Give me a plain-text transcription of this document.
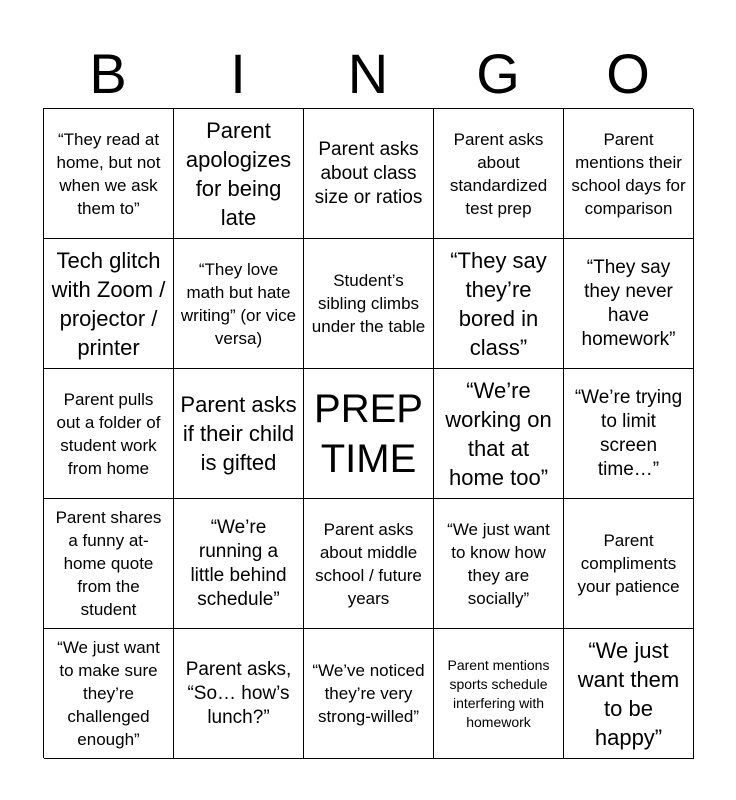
B	I	N	G	O
“They read at home, but not when we ask them to”
Parent apologizes for being late
Parent asks about class size or ratios
Parent asks about standardized test prep
Parent mentions their school days for comparison
Tech glitch with Zoom / projector / printer
“They love math but hate writing” (or vice versa)
Student’s sibling climbs under the table
“They say they’re bored in class”
“They say they never have homework”
Parent pulls out a folder of student work from home
Parent asks if their child is gifted
PREP TIME
“We’re working on that at home too”
“We’re trying to limit screen time…”
Parent shares a funny at-home quote from the student
“We’re running a little behind schedule”
Parent asks about middle school / future years
“We just want to know how they are socially”
Parent compliments your patience
“We just want to make sure they’re challenged enough”
Parent asks, “So… how’s lunch?”
“We’ve noticed they’re very strong-willed”
Parent mentions sports schedule interfering with homework
“We just want them to be happy”
